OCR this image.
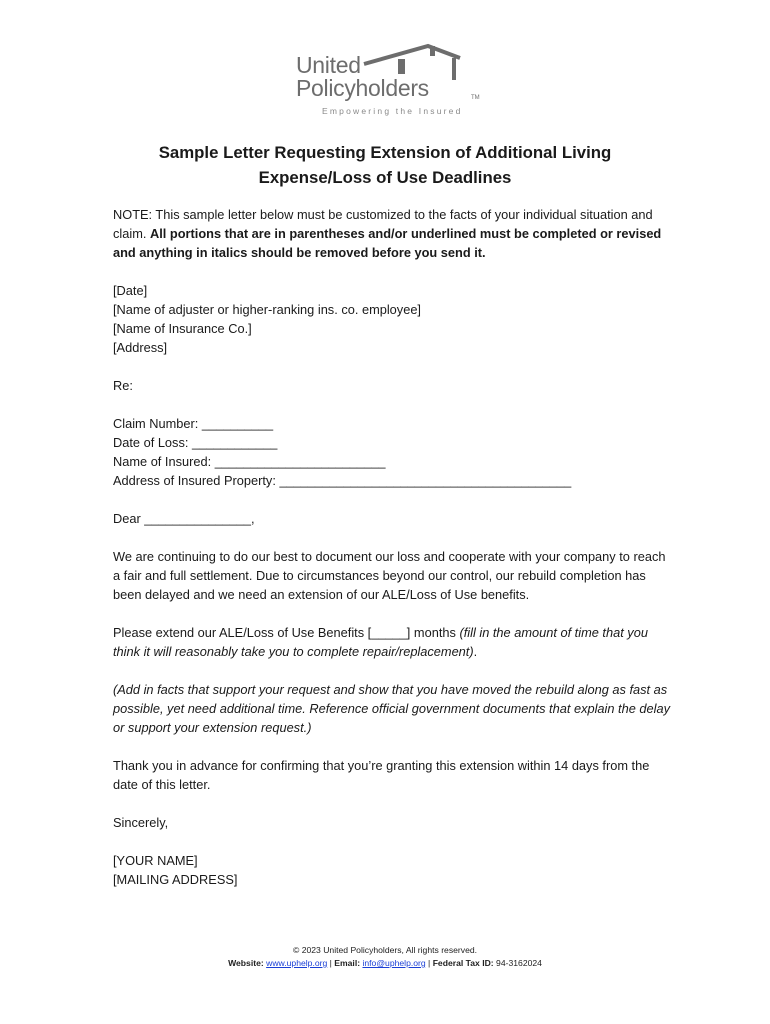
United
Policyholders	TM
Empowering the Insured
Sample Letter Requesting Extension of Additional Living
Expense/Loss of Use Deadlines

NOTE: This sample letter below must be customized to the facts of your individual situation and claim. All portions that are in parentheses and/or underlined must be completed or revised and anything in italics should be removed before you send it.

[Date]
[Name of adjuster or higher-ranking ins. co. employee]
[Name of Insurance Co.]
[Address]

Re:

Claim Number: __________
Date of Loss: ____________
Name of Insured: ________________________
Address of Insured Property: _________________________________________

Dear _______________,

We are continuing to do our best to document our loss and cooperate with your company to reach a fair and full settlement. Due to circumstances beyond our control, our rebuild completion has been delayed and we need an extension of our ALE/Loss of Use benefits.

Please extend our ALE/Loss of Use Benefits [_____] months (fill in the amount of time that you think it will reasonably take you to complete repair/replacement).

(Add in facts that support your request and show that you have moved the rebuild along as fast as possible, yet need additional time. Reference official government documents that explain the delay or support your extension request.)

Thank you in advance for confirming that you’re granting this extension within 14 days from the date of this letter.

Sincerely,

[YOUR NAME]
[MAILING ADDRESS]
© 2023 United Policyholders, All rights reserved.
Website: www.uphelp.org | Email: info@uphelp.org | Federal Tax ID: 94-3162024
